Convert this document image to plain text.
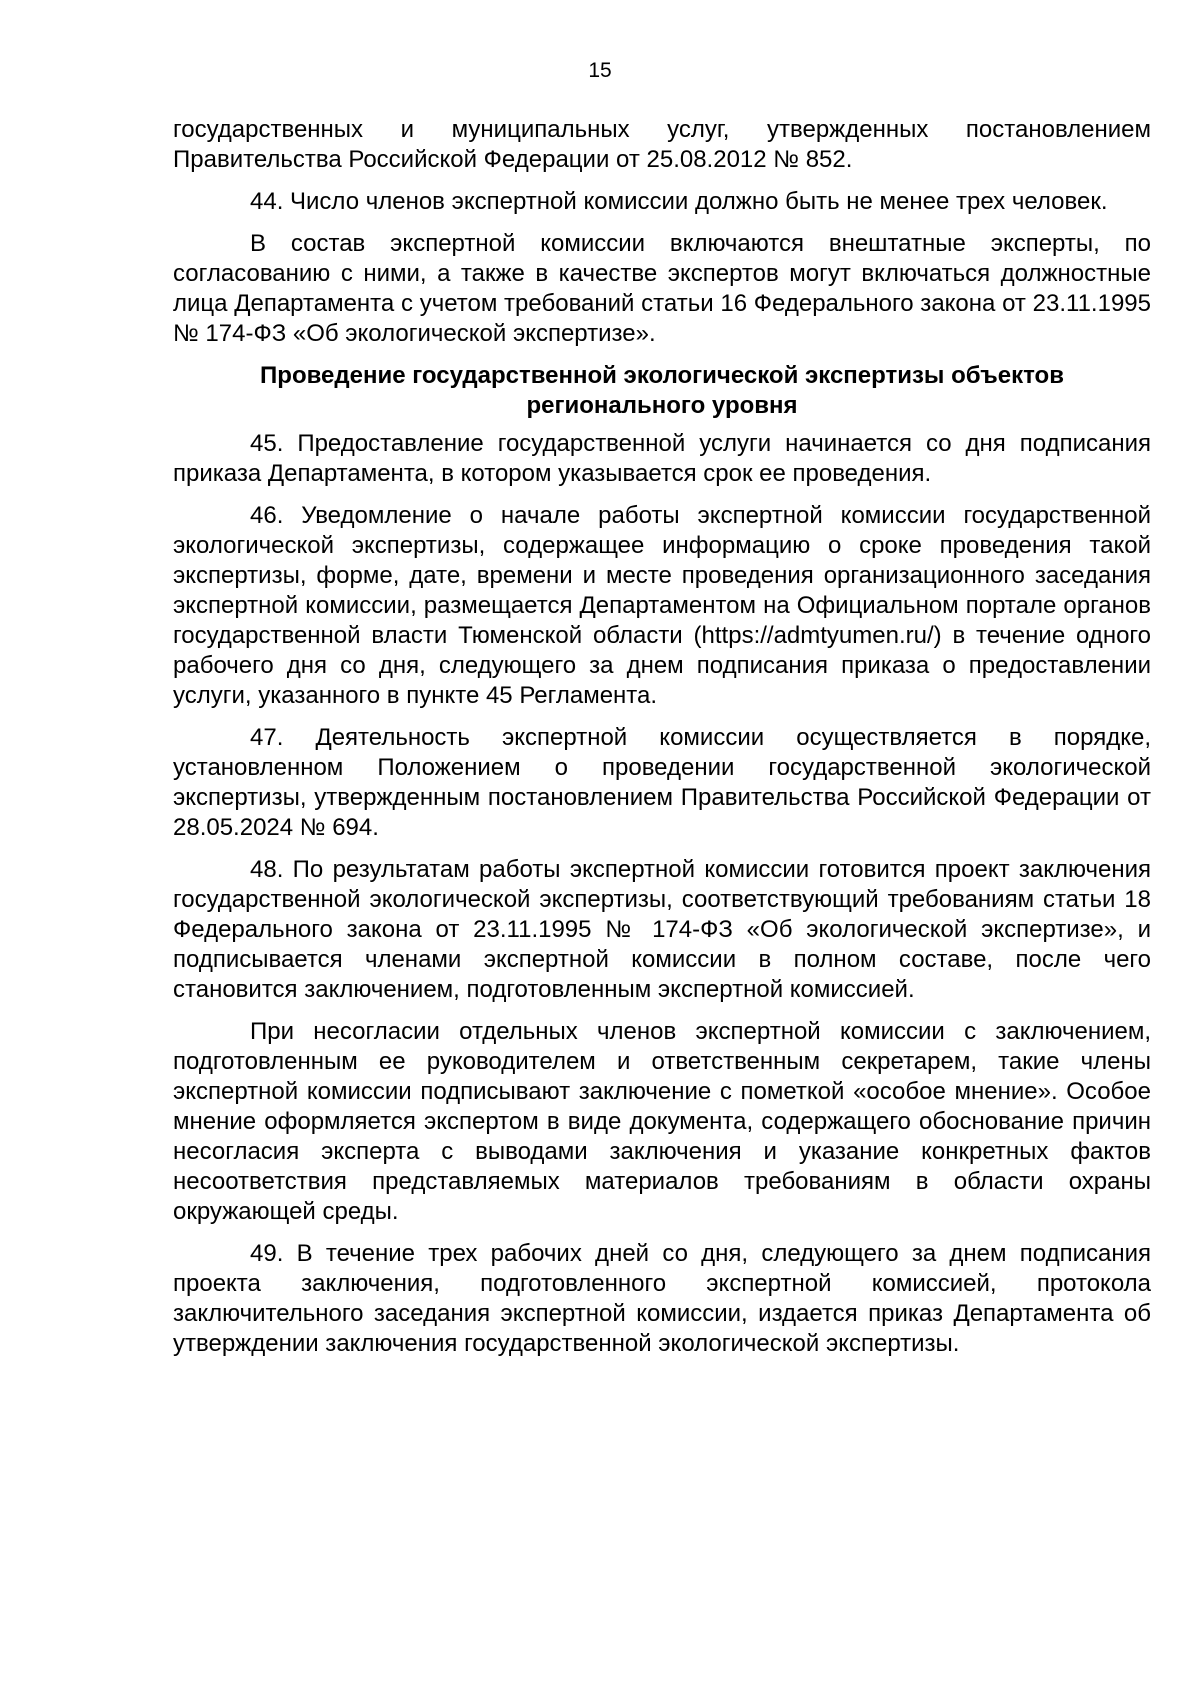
15

государственных и муниципальных услуг, утвержденных постановлением Правительства Российской Федерации от 25.08.2012 № 852.

44. Число членов экспертной комиссии должно быть не менее трех человек.

В состав экспертной комиссии включаются внештатные эксперты, по согласованию с ними, а также в качестве экспертов могут включаться должностные лица Департамента с учетом требований статьи 16 Федерального закона от 23.11.1995 № 174-ФЗ «Об экологической экспертизе».

Проведение государственной экологической экспертизы объектов регионального уровня

45. Предоставление государственной услуги начинается со дня подписания приказа Департамента, в котором указывается срок ее проведения.

46. Уведомление о начале работы экспертной комиссии государственной экологической экспертизы, содержащее информацию о сроке проведения такой экспертизы, форме, дате, времени и месте проведения организационного заседания экспертной комиссии, размещается Департаментом на Официальном портале органов государственной власти Тюменской области (https://admtyumen.ru/) в течение одного рабочего дня со дня, следующего за днем подписания приказа о предоставлении услуги, указанного в пункте 45 Регламента.

47. Деятельность экспертной комиссии осуществляется в порядке, установленном Положением о проведении государственной экологической экспертизы, утвержденным постановлением Правительства Российской Федерации от 28.05.2024 № 694.

48. По результатам работы экспертной комиссии готовится проект заключения государственной экологической экспертизы, соответствующий требованиям статьи 18 Федерального закона от 23.11.1995 № 174-ФЗ «Об экологической экспертизе», и подписывается членами экспертной комиссии в полном составе, после чего становится заключением, подготовленным экспертной комиссией.

При несогласии отдельных членов экспертной комиссии с заключением, подготовленным ее руководителем и ответственным секретарем, такие члены экспертной комиссии подписывают заключение с пометкой «особое мнение». Особое мнение оформляется экспертом в виде документа, содержащего обоснование причин несогласия эксперта с выводами заключения и указание конкретных фактов несоответствия представляемых материалов требованиям в области охраны окружающей среды.

49. В течение трех рабочих дней со дня, следующего за днем подписания проекта заключения, подготовленного экспертной комиссией, протокола заключительного заседания экспертной комиссии, издается приказ Департамента об утверждении заключения государственной экологической экспертизы.
